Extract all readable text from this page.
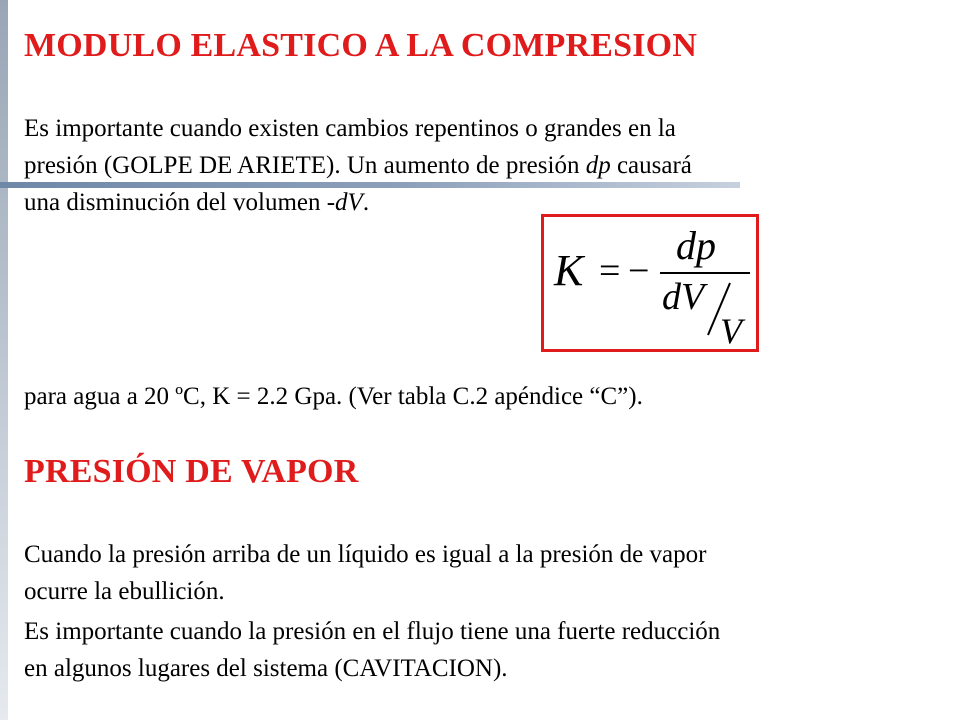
MODULO ELASTICO A LA COMPRESION
Es importante cuando existen cambios repentinos o grandes en la
presión (GOLPE DE ARIETE). Un aumento de presión dp causará
una disminución del volumen -dV.
K = −
dp
dV
V
para agua a 20 ºC, K = 2.2 Gpa. (Ver tabla C.2 apéndice “C”).
PRESIÓN DE VAPOR
Cuando la presión arriba de un líquido es igual a la presión de vapor
ocurre la ebullición.
Es importante cuando la presión en el flujo tiene una fuerte reducción
en algunos lugares del sistema (CAVITACION).
